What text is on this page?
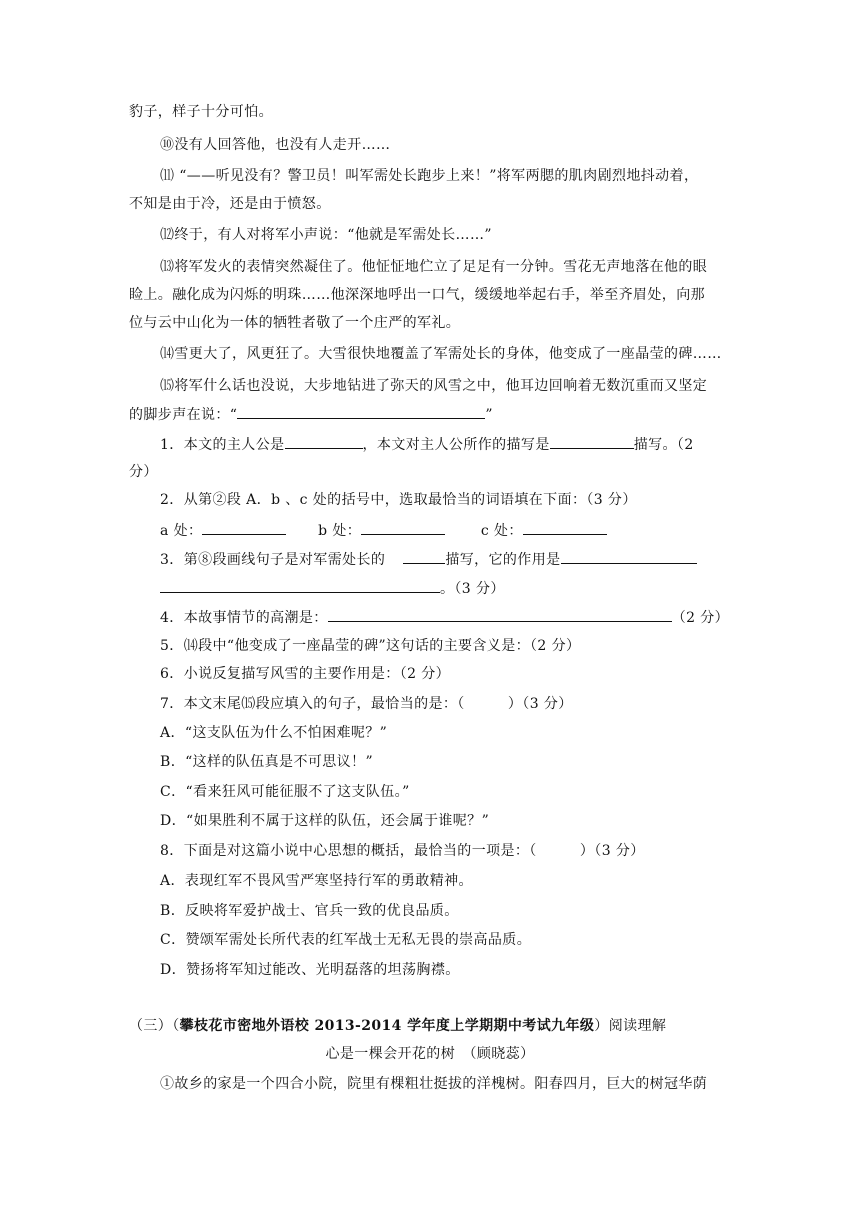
豹子，样子十分可怕。
⑩没有人回答他，也没有人走开……
⑾ “——听见没有？警卫员！叫军需处长跑步上来！”将军两腮的肌肉剧烈地抖动着，
不知是由于冷，还是由于愤怒。
⑿终于，有人对将军小声说：“他就是军需处长……”
⒀将军发火的表情突然凝住了。他怔怔地伫立了足足有一分钟。雪花无声地落在他的眼
睑上。融化成为闪烁的明珠……他深深地呼出一口气，缓缓地举起右手，举至齐眉处，向那
位与云中山化为一体的牺牲者敬了一个庄严的军礼。
⒁雪更大了，风更狂了。大雪很快地覆盖了军需处长的身体，他变成了一座晶莹的碑……
⒂将军什么话也没说，大步地钻进了弥天的风雪之中，他耳边回响着无数沉重而又坚定
的脚步声在说：“	”
1．本文的主人公是	，本文对主人公所作的描写是	描写。（2
分）
2．从第②段 A．b 、c 处的括号中，选取最恰当的词语填在下面：（3 分）
a 处：	b 处：	c 处：
3．第⑧段画线句子是对军需处长的	描写，它的作用是
。（3 分）
4．本故事情节的高潮是：	（2 分）
5．⒁段中“他变成了一座晶莹的碑”这句话的主要含义是：（2 分）
6．小说反复描写风雪的主要作用是：（2 分）
7．本文末尾⒂段应填入的句子，最恰当的是：（　　　）（3 分）
A．“这支队伍为什么不怕困难呢？”
B．“这样的队伍真是不可思议！”
C．“看来狂风可能征服不了这支队伍。”
D．“如果胜利不属于这样的队伍，还会属于谁呢？”
8．下面是对这篇小说中心思想的概括，最恰当的一项是：（　　　）（3 分）
A．表现红军不畏风雪严寒坚持行军的勇敢精神。
B．反映将军爱护战士、官兵一致的优良品质。
C．赞颂军需处长所代表的红军战士无私无畏的崇高品质。
D．赞扬将军知过能改、光明磊落的坦荡胸襟。
（三）（攀枝花市密地外语校 2013-2014 学年度上学期期中考试九年级）阅读理解
心是一棵会开花的树　（顾晓蕊）
①故乡的家是一个四合小院，院里有棵粗壮挺拔的洋槐树。阳春四月，巨大的树冠华荫
